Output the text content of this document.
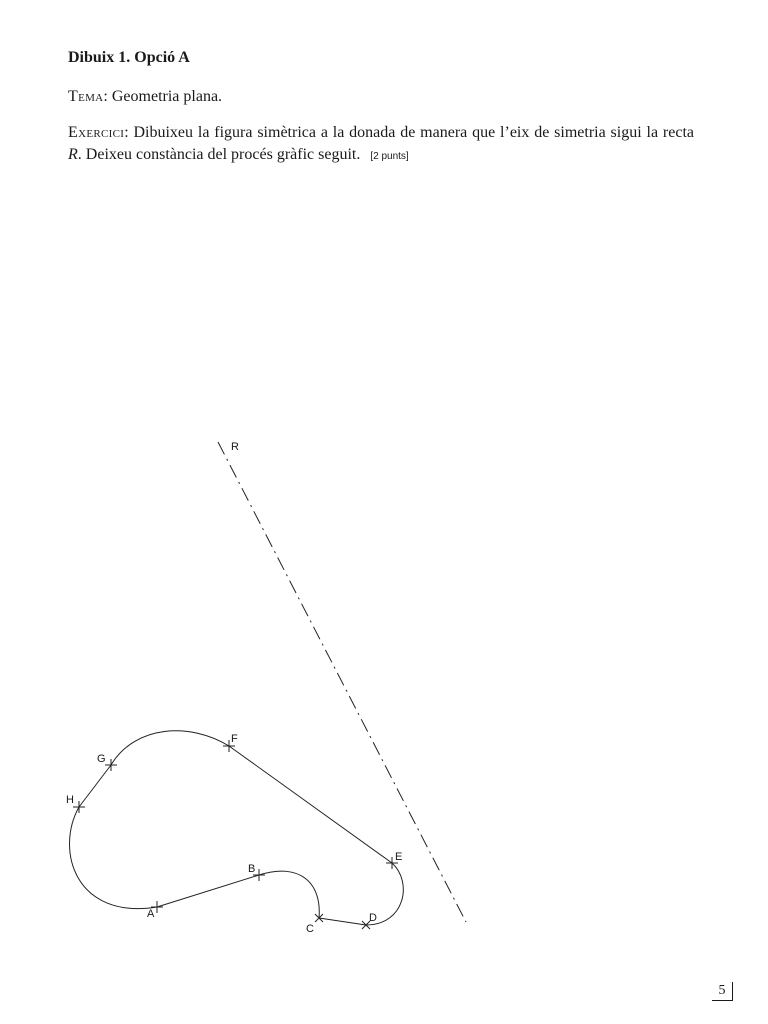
Dibuix 1. Opció A

Tema: Geometria plana.

Exercici: Dibuixeu la figura simètrica a la donada de manera que l’eix de simetria sigui la recta R. Deixeu constància del procés gràfic seguit. [2 punts]

R
A
B
C
D
E
F
G
H
5
